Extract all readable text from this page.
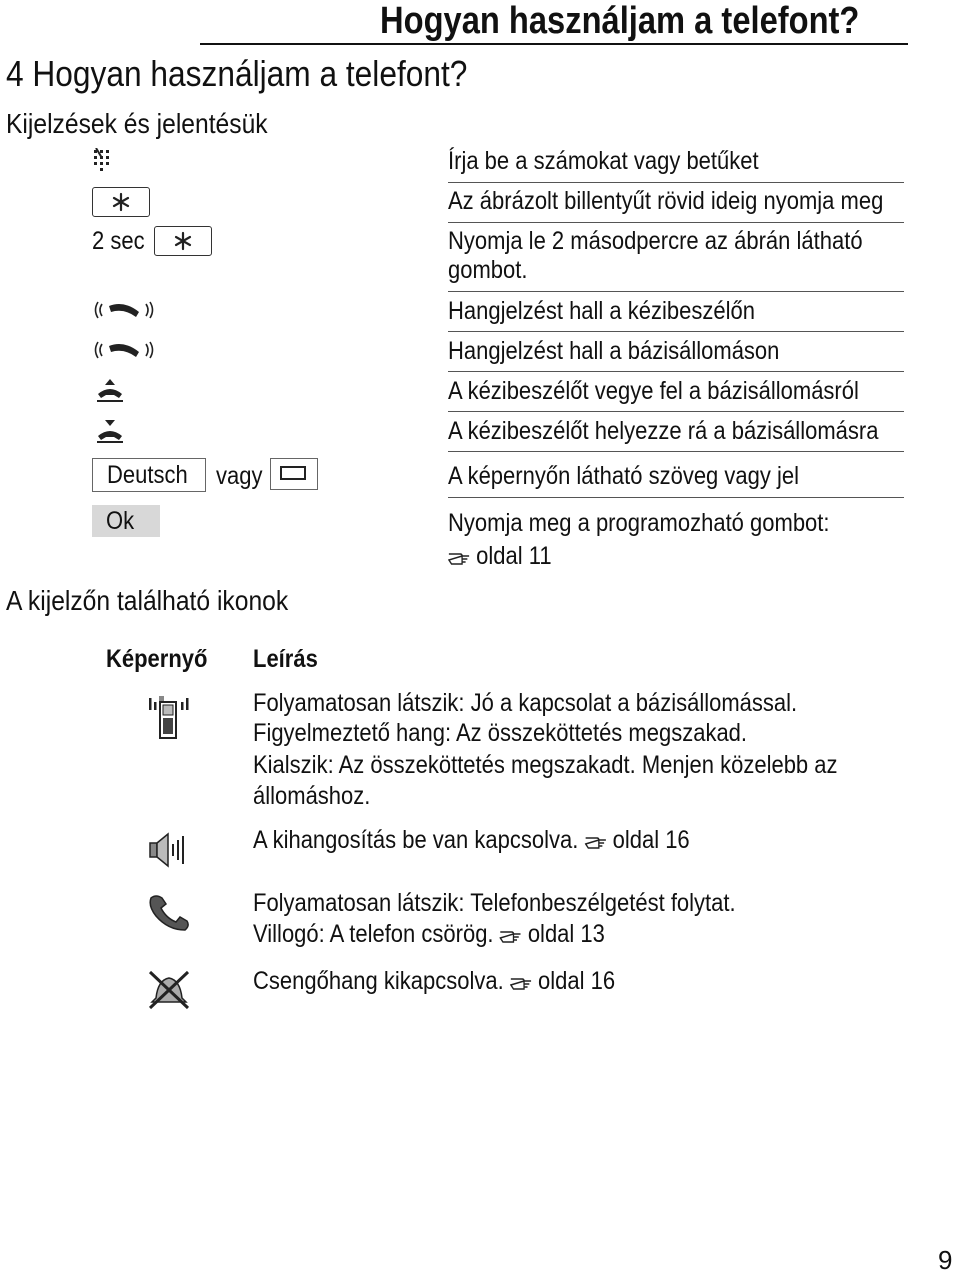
Hogyan használjam a telefont?
4 Hogyan használjam a telefont?
Kijelzések és jelentésük
Írja be a számokat vagy betűket
Az ábrázolt billentyűt rövid ideig nyomja meg
2 sec	Nyomja le 2 másodpercre az ábrán látható
gombot.
Hangjelzést hall a kézibeszélőn
Hangjelzést hall a bázisállomáson
A kézibeszélőt vegye fel a bázisállomásról
A kézibeszélőt helyezze rá a bázisállomásra
Deutsch vagy	A képernyőn látható szöveg vagy jel
Ok	Nyomja meg a programozható gombot:
oldal 11
A kijelzőn található ikonok
Képernyő Leírás
Folyamatosan látszik: Jó a kapcsolat a bázisállomással.
Figyelmeztető hang: Az összeköttetés megszakad.
Kialszik: Az összeköttetés megszakadt. Menjen közelebb az
állomáshoz.
A kihangosítás be van kapcsolva. oldal 16
Folyamatosan látszik: Telefonbeszélgetést folytat.
Villogó: A telefon csörög. oldal 13
Csengőhang kikapcsolva. oldal 16
9
